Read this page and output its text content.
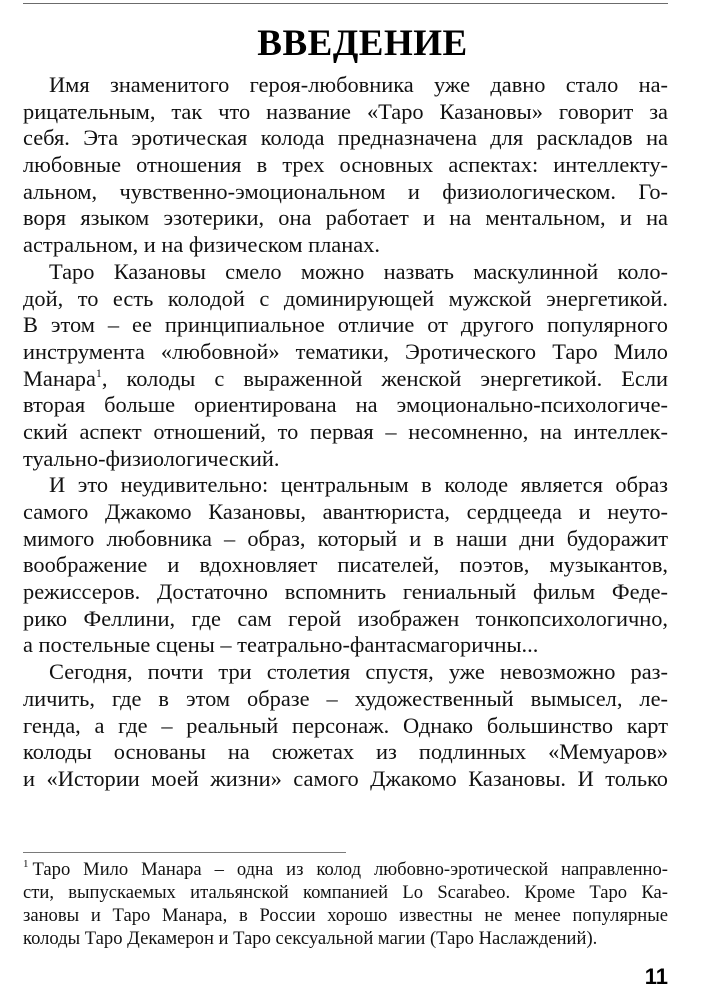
ВВЕДЕНИЕ
Имя знаменитого героя-любовника уже давно стало на-
рицательным, так что название «Таро Казановы» говорит за
себя. Эта эротическая колода предназначена для раскладов на
любовные отношения в трех основных аспектах: интеллекту-
альном, чувственно-эмоциональном и физиологическом. Го-
воря языком эзотерики, она работает и на ментальном, и на
астральном, и на физическом планах.
Таро Казановы смело можно назвать маскулинной коло-
дой, то есть колодой с доминирующей мужской энергетикой.
В этом – ее принципиальное отличие от другого популярного
инструмента «любовной» тематики, Эротического Таро Мило
Манара$^1$, колоды с выраженной женской энергетикой. Если
вторая больше ориентирована на эмоционально-психологиче-
ский аспект отношений, то первая – несомненно, на интеллек-
туально-физиологический.
И это неудивительно: центральным в колоде является образ
самого Джакомо Казановы, авантюриста, сердцееда и неуто-
мимого любовника – образ, который и в наши дни будоражит
воображение и вдохновляет писателей, поэтов, музыкантов,
режиссеров. Достаточно вспомнить гениальный фильм Феде-
рико Феллини, где сам герой изображен тонкопсихологично,
а постельные сцены – театрально-фантасмагоричны...
Сегодня, почти три столетия спустя, уже невозможно раз-
личить, где в этом образе – художественный вымысел, ле-
генда, а где – реальный персонаж. Однако большинство карт
колоды основаны на сюжетах из подлинных «Мемуаров»
и «Истории моей жизни» самого Джакомо Казановы. И только
$^1$ Таро Мило Манара – одна из колод любовно-эротической направленно-
сти, выпускаемых итальянской компанией Lo Scarabeo. Кроме Таро Ка-
зановы и Таро Манара, в России хорошо известны не менее популярные
колоды Таро Декамерон и Таро сексуальной магии (Таро Наслаждений).
11
